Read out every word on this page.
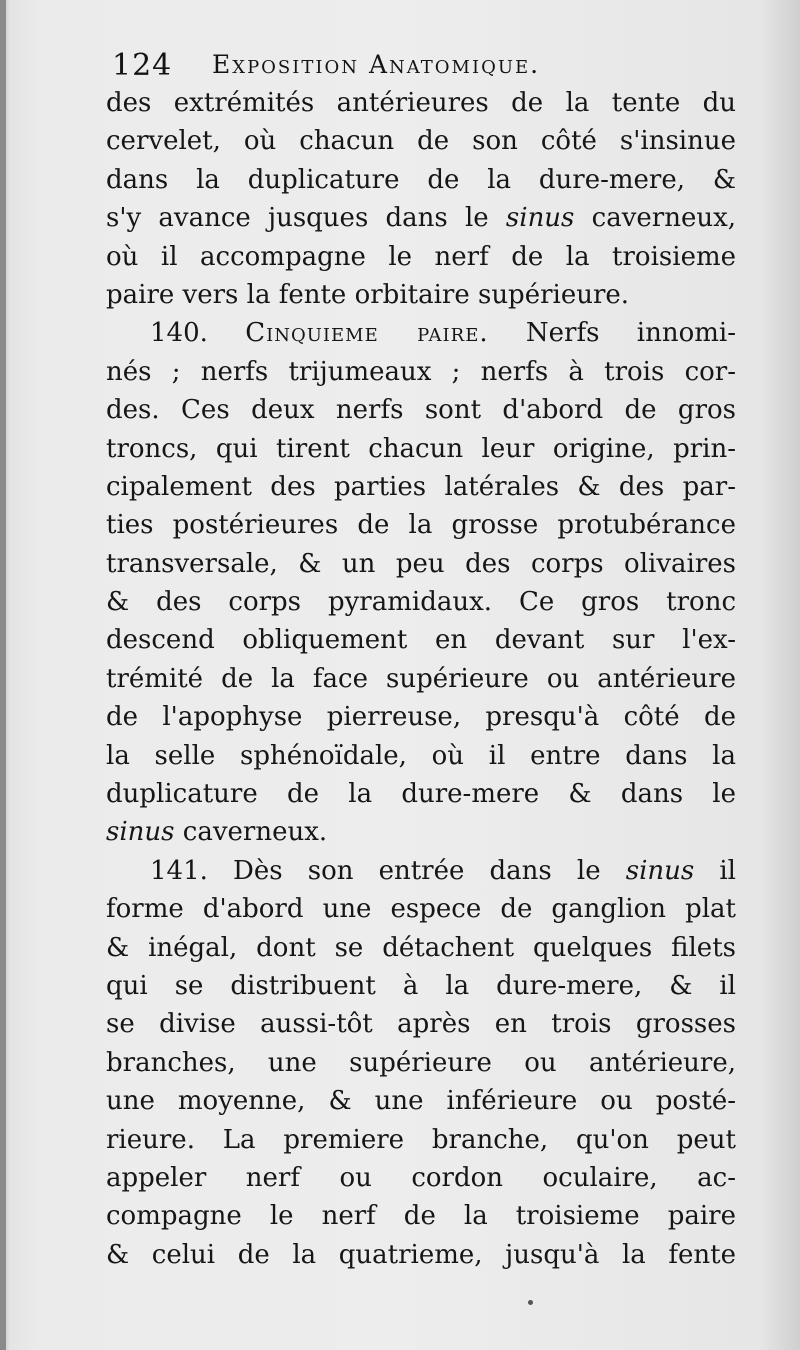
124 Exposition Anatomique.
des extrémités antérieures de la tente du
cervelet, où chacun de son côté s'insinue
dans la duplicature de la dure-mere, &
s'y avance jusques dans le sinus caverneux,
où il accompagne le nerf de la troisieme
paire vers la fente orbitaire supérieure.
140. Cinquieme paire. Nerfs innomi-
nés ; nerfs trijumeaux ; nerfs à trois cor-
des. Ces deux nerfs sont d'abord de gros
troncs, qui tirent chacun leur origine, prin-
cipalement des parties latérales & des par-
ties postérieures de la grosse protubérance
transversale, & un peu des corps olivaires
& des corps pyramidaux. Ce gros tronc
descend obliquement en devant sur l'ex-
trémité de la face supérieure ou antérieure
de l'apophyse pierreuse, presqu'à côté de
la selle sphénoïdale, où il entre dans la
duplicature de la dure-mere & dans le
sinus caverneux.
141. Dès son entrée dans le sinus il
forme d'abord une espece de ganglion plat
& inégal, dont se détachent quelques filets
qui se distribuent à la dure-mere, & il
se divise aussi-tôt après en trois grosses
branches, une supérieure ou antérieure,
une moyenne, & une inférieure ou posté-
rieure. La premiere branche, qu'on peut
appeler nerf ou cordon oculaire, ac-
compagne le nerf de la troisieme paire
& celui de la quatrieme, jusqu'à la fente
